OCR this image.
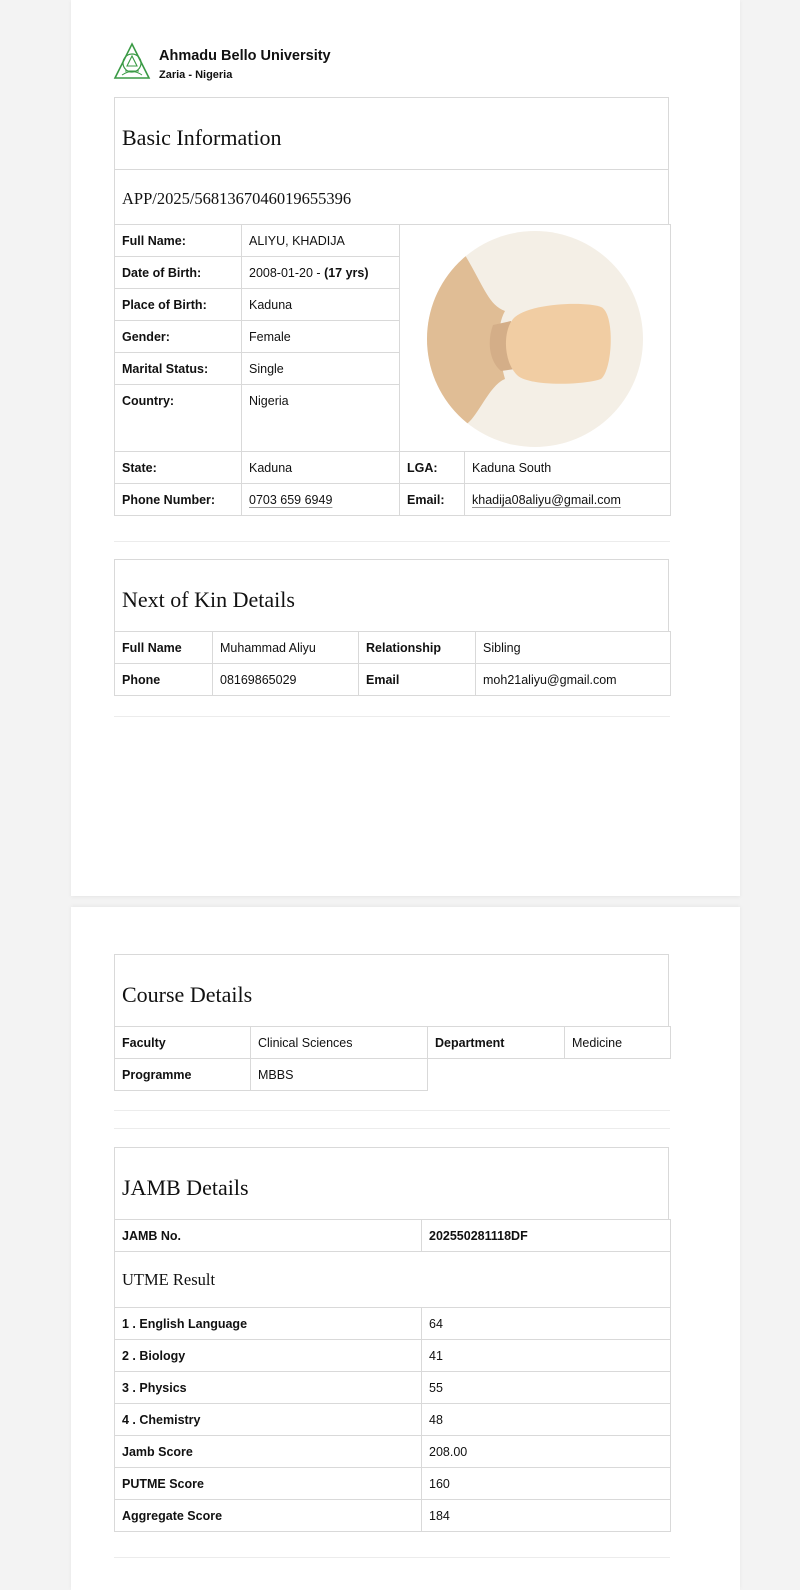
Ahmadu Bello University
Zaria - Nigeria
Basic Information
APP/2025/5681367046019655396
Full Name:	ALIYU, KHADIJA	

Date of Birth:	2008-01-20 - (17 yrs)		
Place of Birth:	Kaduna		
Gender:	Female		
Marital Status:	Single		
Country:	Nigeria		

State:	Kaduna	LGA:	Kaduna South
Phone Number:	0703 659 6949	Email:	khadija08aliyu@gmail.com
Next of Kin Details
Full Name	Muhammad Aliyu	Relationship	Sibling
Phone	08169865029	Email	moh21aliyu@gmail.com
Course Details
Faculty	Clinical Sciences	Department	Medicine
Programme	MBBS		
JAMB Details
JAMB No.	202550281118DF
UTME Result	
1 . English Language	64
2 . Biology	41
3 . Physics	55
4 . Chemistry	48
Jamb Score	208.00
PUTME Score	160
Aggregate Score	184
